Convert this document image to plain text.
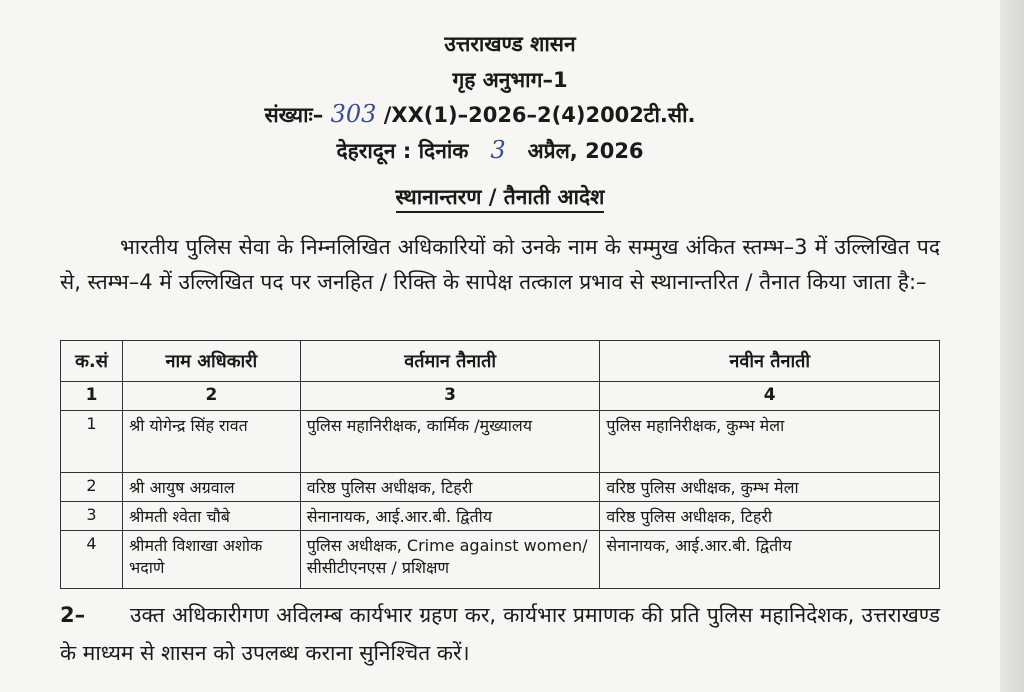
उत्तराखण्ड शासन
गृह अनुभाग–1
संख्याः– 303 /XX(1)–2026–2(4)2002टी.सी.
देहरादून : दिनांक 3 अप्रैल, 2026
स्थानान्तरण / तैनाती आदेश
भारतीय पुलिस सेवा के निम्नलिखित अधिकारियों को उनके नाम के सम्मुख अंकित स्तम्भ–3 में उल्लिखित पद से, स्तम्भ–4 में उल्लिखित पद पर जनहित / रिक्ति के सापेक्ष तत्काल प्रभाव से स्थानान्तरित / तैनात किया जाता है:–
क.सं	नाम अधिकारी	वर्तमान तैनाती	नवीन तैनाती
1	2	3	4
1	श्री योगेन्द्र सिंह रावत	पुलिस महानिरीक्षक, कार्मिक /मुख्यालय	पुलिस महानिरीक्षक, कुम्भ मेला
2	श्री आयुष अग्रवाल	वरिष्ठ पुलिस अधीक्षक, टिहरी	वरिष्ठ पुलिस अधीक्षक, कुम्भ मेला
3	श्रीमती श्वेता चौबे	सेनानायक, आई.आर.बी. द्वितीय	वरिष्ठ पुलिस अधीक्षक, टिहरी
4	श्रीमती विशाखा अशोक भदाणे	पुलिस अधीक्षक, Crime against women/सीसीटीएनएस / प्रशिक्षण	सेनानायक, आई.आर.बी. द्वितीय
2– उक्त अधिकारीगण अविलम्ब कार्यभार ग्रहण कर, कार्यभार प्रमाणक की प्रति पुलिस महानिदेशक, उत्तराखण्ड के माध्यम से शासन को उपलब्ध कराना सुनिश्चित करें।
